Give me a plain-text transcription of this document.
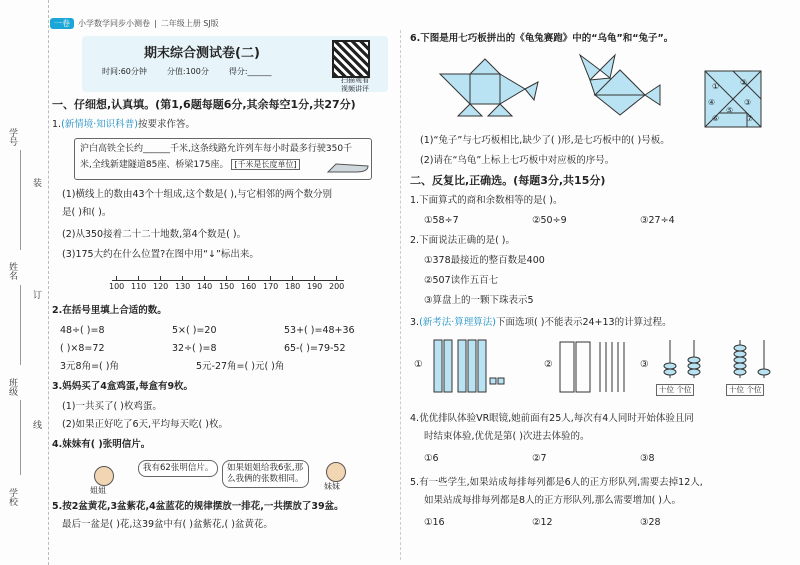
学号
姓名
班级
学校
装
订
线
一卷	小学数学同步小测卷 | 二年级上册 SJ版
期末综合测试卷(二)
时间:60分钟	分值:100分	得分:______
扫描观看
视频讲评
一、仔细想,认真填。(第1,6题每题6分,其余每空1分,共27分)
1.(新情境·知识科普)按要求作答。
沪白高铁全长约______千米,这条线路允许列车每小时最多行驶350千
米,全线新建隧道85座、桥梁175座。 [千米是长度单位]
(1)横线上的数由43个十组成,这个数是( ),与它相邻的两个数分别
是( )和( )。
(2)从350接着二十二十地数,第4个数是( )。
(3)175大约在什么位置?在图中用“↓”标出来。
100 110 120 130 140 150 160 170 180 190 200
2.在括号里填上合适的数。
48÷( )=8	5×( )=20	53+( )=48+36
( )×8=72	32÷( )=8	65-( )=79-52
3元8角=( )角	5元-27角=( )元( )角
3.妈妈买了4盒鸡蛋,每盒有9枚。
(1)一共买了( )枚鸡蛋。
(2)如果正好吃了6天,平均每天吃( )枚。
4.妹妹有( )张明信片。
姐姐
我有62张明信片。	如果姐姐给我6张,那
么我俩的张数相同。
妹妹
5.按2盆黄花,3盆紫花,4盆蓝花的规律摆放一排花,一共摆放了39盆。
最后一盆是( )花,这39盆中有( )盆紫花,( )盆黄花。
6.下图是用七巧板拼出的《龟兔赛跑》中的“乌龟”和“兔子”。
①	②
③
④
⑤
⑥	⑦
(1)“兔子”与七巧板相比,缺少了( )形,是七巧板中的( )号板。
(2)请在“乌龟”上标上七巧板中对应板的序号。
二、反复比,正确选。(每题3分,共15分)
1.下面算式的商和余数相等的是( )。
①58÷7	②50÷9	③27÷4
2.下面说法正确的是( )。
①378最接近的整百数是400
②507读作五百七
③算盘上的一颗下珠表示5
3.(新考法·算理算法)下面选项( )不能表示24+13的计算过程。
①	②	③
十位 个位	十位 个位
4.优优排队体验VR眼镜,她前面有25人,每次有4人同时开始体验且同
时结束体验,优优是第( )次进去体验的。
①6	②7	③8
5.有一些学生,如果站成每排每列都是6人的正方形队列,需要去掉12人,
如果站成每排每列都是8人的正方形队列,那么需要增加( )人。
①16	②12	③28
